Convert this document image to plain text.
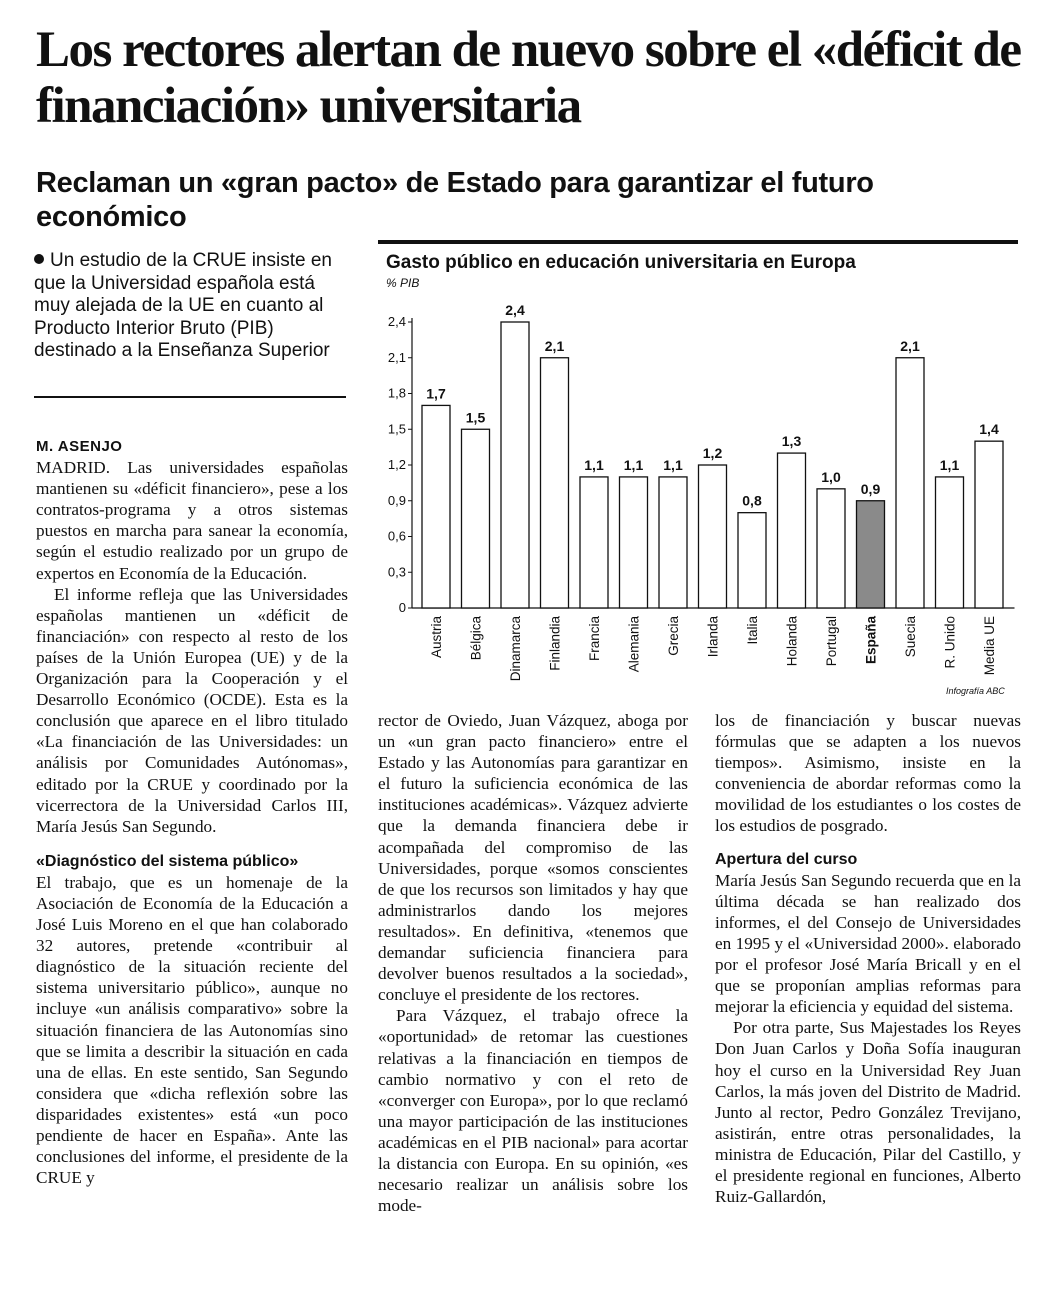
Los rectores alertan de nuevo sobre el «déficit de financiación» universitaria
Reclaman un «gran pacto» de Estado para garantizar el futuro económico
Un estudio de la CRUE insiste en que la Universidad española está muy alejada de la UE en cuanto al Producto Interior Bruto (PIB) destinado a la Enseñanza Superior
Gasto público en educación universitaria en Europa
% PIB
0
0,3
0,6
0,9
1,2
1,5
1,8
2,1
2,4
1,7
Austria
1,5
Bélgica
2,4
Dinamarca
2,1
Finlandia
1,1
Francia
1,1
Alemania
1,1
Grecia
1,2
Irlanda
0,8
Italia
1,3
Holanda
1,0
Portugal
0,9
España
2,1
Suecia
1,1
R. Unido
1,4
Media UE
Infografía ABC
M. ASENJO

MADRID. Las universidades españolas mantienen su «déficit financiero», pese a los contratos-programa y a otros sistemas puestos en marcha para sanear la economía, según el estudio realizado por un grupo de expertos en Economía de la Educación.

El informe refleja que las Universidades españolas mantienen un «déficit de financiación» con respecto al resto de los países de la Unión Europea (UE) y de la Organización para la Cooperación y el Desarrollo Económico (OCDE). Esta es la conclusión que aparece en el libro titulado «La financiación de las Universidades: un análisis por Comunidades Autónomas», editado por la CRUE y coordinado por la vicerrectora de la Universidad Carlos III, María Jesús San Segundo.

«Diagnóstico del sistema público»

El trabajo, que es un homenaje de la Asociación de Economía de la Educación a José Luis Moreno en el que han colaborado 32 autores, pretende «contribuir al diagnóstico de la situación reciente del sistema universitario público», aunque no incluye «un análisis comparativo» sobre la situación financiera de las Autonomías sino que se limita a describir la situación en cada una de ellas. En este sentido, San Segundo considera que «dicha reflexión sobre las disparidades existentes» está «un poco pendiente de hacer en España». Ante las conclusiones del informe, el presidente de la CRUE y

rector de Oviedo, Juan Vázquez, aboga por un «un gran pacto financiero» entre el Estado y las Autonomías para garantizar en el futuro la suficiencia económica de las instituciones académicas». Vázquez advierte que la demanda financiera debe ir acompañada del compromiso de las Universidades, porque «somos conscientes de que los recursos son limitados y hay que administrarlos dando los mejores resultados». En definitiva, «tenemos que demandar suficiencia financiera para devolver buenos resultados a la sociedad», concluye el presidente de los rectores.

Para Vázquez, el trabajo ofrece la «oportunidad» de retomar las cuestiones relativas a la financiación en tiempos de cambio normativo y con el reto de «converger con Europa», por lo que reclamó una mayor participación de las instituciones académicas en el PIB nacional» para acortar la distancia con Europa. En su opinión, «es necesario realizar un análisis sobre los mode-

los de financiación y buscar nuevas fórmulas que se adapten a los nuevos tiempos». Asimismo, insiste en la conveniencia de abordar reformas como la movilidad de los estudiantes o los costes de los estudios de posgrado.

Apertura del curso

María Jesús San Segundo recuerda que en la última década se han realizado dos informes, el del Consejo de Universidades en 1995 y el «Universidad 2000». elaborado por el profesor José María Bricall y en el que se proponían amplias reformas para mejorar la eficiencia y equidad del sistema.

Por otra parte, Sus Majestades los Reyes Don Juan Carlos y Doña Sofía inauguran hoy el curso en la Universidad Rey Juan Carlos, la más joven del Distrito de Madrid. Junto al rector, Pedro González Trevijano, asistirán, entre otras personalidades, la ministra de Educación, Pilar del Castillo, y el presidente regional en funciones, Alberto Ruiz-Gallardón,
